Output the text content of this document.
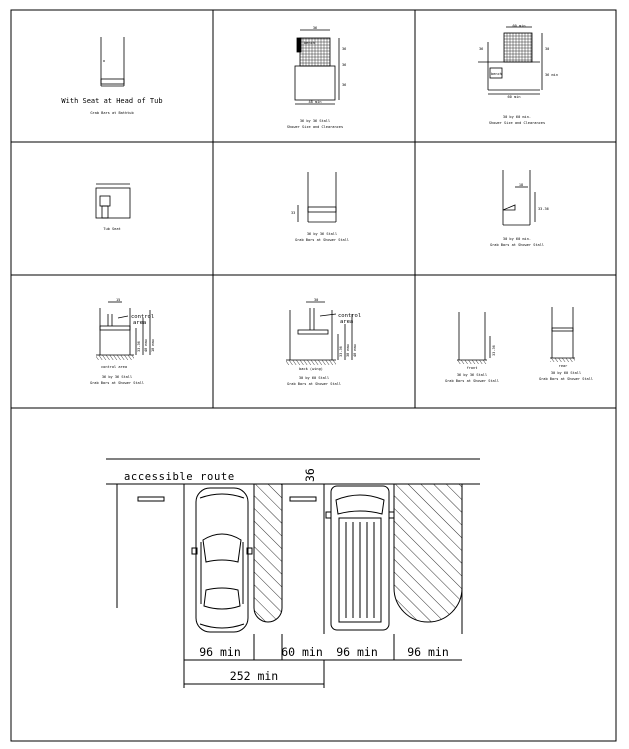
With Seat at Head of Tub
Grab Bars at Bathtub
36
bench
36
36
36
48 min
36 by 36 Stall
Shower Size and Clearances
60 min
36
bench
30
36 min
60 min
30 by 60 min.
Shower Size and Clearances
Tub Seat
33
36 by 36 Stall
Grab Bars at Shower Stall
18
33-36
30 by 60 min.
Grab Bars at Shower Stall
15
control
area
33-36 48 max 18 max
control area
36 by 36 Stall
Grab Bars at Shower Stall
30
control
area
33-36 38 max 48 max
back (wing)
30 by 60 Stall
Grab Bars at Shower Stall
33-36
front	rear
36 by 36 Stall
Grab Bars at Shower Stall
30 by 60 Stall
Grab Bars at Shower Stall
accessible route	36
96 min	60 min 96 min	96 min
252 min
